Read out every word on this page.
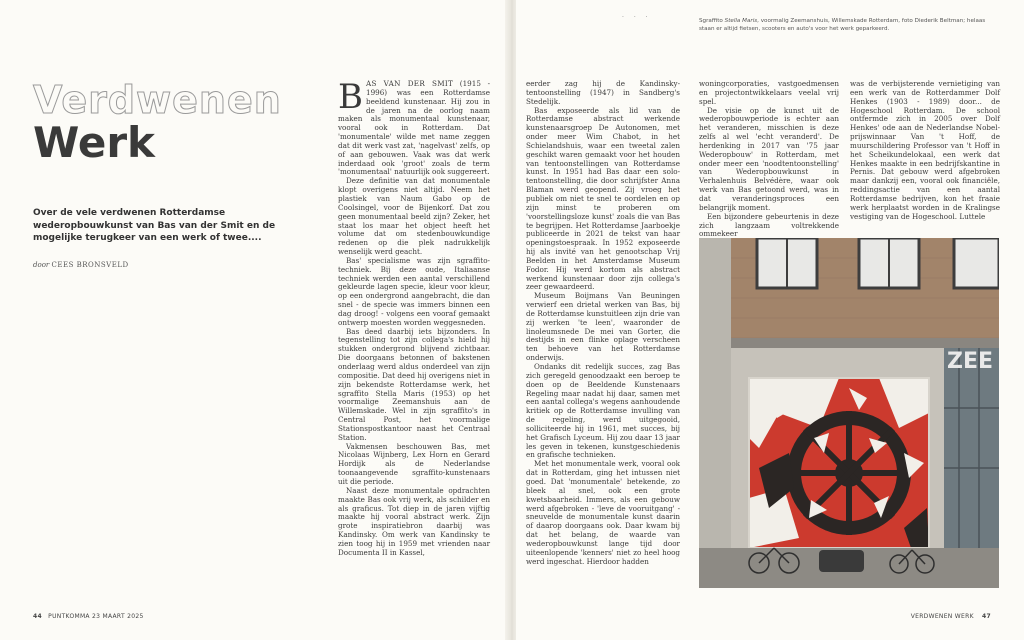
Verdwenen
Werk
Over de vele verdwenen Rotterdamse wederopbouwkunst van Bas van der Smit en de mogelijke terugkeer van een werk of twee....
door CEES BRONSVELD

BAS VAN DER SMIT (1915 - 1996) was een Rotterdamse beeldend kunstenaar. Hij zou in de jaren na de oorlog naam maken als monumentaal kunstenaar, vooral ook in Rotterdam. Dat 'monumentale' wilde met name zeggen dat dit werk vast zat, 'nagelvast' zelfs, op of aan gebouwen. Vaak was dat werk inderdaad ook 'groot' zoals de term 'monumentaal' natuurlijk ook suggereert.

Deze definitie van dat monumentale klopt overigens niet altijd. Neem het plastiek van Naum Gabo op de Coolsingel, voor de Bijenkorf. Dat zou geen monumentaal beeld zijn? Zeker, het staat los maar het object heeft het volume dat om stedenbouwkundige redenen op die plek nadrukkelijk wenselijk werd geacht.

Bas' specialisme was zijn sgraffito-techniek. Bij deze oude, Italiaanse techniek werden een aantal verschillend gekleurde lagen specie, kleur voor kleur, op een ondergrond aangebracht, die dan snel - de specie was immers binnen een dag droog! - volgens een vooraf gemaakt ontwerp moesten worden weggesneden.

Bas deed daarbij iets bijzonders. In tegenstelling tot zijn collega's hield hij stukken ondergrond blijvend zichtbaar. Die doorgaans betonnen of bakstenen onderlaag werd aldus onderdeel van zijn compositie. Dat deed hij overigens niet in zijn bekendste Rotterdamse werk, het sgraffito Stella Maris (1953) op het voormalige Zeemanshuis aan de Willemskade. Wel in zijn sgraffito's in Central Post, het voormalige Stationspostkantoor naast het Centraal Station.

Vakmensen beschouwen Bas, met Nicolaas Wijnberg, Lex Horn en Gerard Hordijk als de Nederlandse toonaangevende sgraffito-kunstenaars uit die periode.

Naast deze monumentale opdrachten maakte Bas ook vrij werk, als schilder en als graficus. Tot diep in de jaren vijftig maakte hij vooral abstract werk. Zijn grote inspiratiebron daarbij was Kandinsky. Om werk van Kandinsky te zien toog hij in 1959 met vrienden naar Documenta II in Kassel,

44 PUNTKOMMA 23 MAART 2025
· · ·	Sgraffito Stella Maris, voormalig Zeemanshuis, Willemskade Rotterdam, foto Diederik Beltman; helaas staan er altijd fietsen, scooters en auto's voor het werk geparkeerd.

eerder zag hij de Kandinsky-tentoonstelling (1947) in Sandberg's Stedelijk.

Bas exposeerde als lid van de Rotterdamse abstract werkende kunstenaarsgroep De Autonomen, met onder meer Wim Chabot, in het Schielandshuis, waar een tweetal zalen geschikt waren gemaakt voor het houden van tentoonstellingen van Rotterdamse kunst. In 1951 had Bas daar een solo-tentoonstelling, die door schrijfster Anna Blaman werd geopend. Zij vroeg het publiek om niet te snel te oordelen en op zijn minst te proberen om 'voorstellingsloze kunst' zoals die van Bas te begrijpen. Het Rotterdamse Jaarboekje publiceerde in 2021 de tekst van haar openingstoespraak. In 1952 exposeerde hij als invité van het genootschap Vrij Beelden in het Amsterdamse Museum Fodor. Hij werd kortom als abstract werkend kunstenaar door zijn collega's zeer gewaardeerd.

Museum Boijmans Van Beuningen verwierf een drietal werken van Bas, bij de Rotterdamse kunstuitleen zijn drie van zij werken 'te leen', waaronder de linoleumsnede De mei van Gorter, die destijds in een flinke oplage verscheen ten behoeve van het Rotterdamse onderwijs.

Ondanks dit redelijk succes, zag Bas zich geregeld genoodzaakt een beroep te doen op de Beeldende Kunstenaars Regeling maar nadat hij daar, samen met een aantal collega's wegens aanhoudende kritiek op de Rotterdamse invulling van de regeling, werd uitgegooid, solliciteerde hij in 1961, met succes, bij het Grafisch Lyceum. Hij zou daar 13 jaar les geven in tekenen, kunstgeschiedenis en grafische technieken.

Met het monumentale werk, vooral ook dat in Rotterdam, ging het intussen niet goed. Dat 'monumentale' betekende, zo bleek al snel, ook een grote kwetsbaarheid. Immers, als een gebouw werd afgebroken - 'leve de vooruitgang' - sneuvelde de monumentale kunst daarin of daarop doorgaans ook. Daar kwam bij dat het belang, de waarde van wederopbouwkunst lange tijd door uiteenlopende 'kenners' niet zo heel hoog werd ingeschat. Hierdoor hadden

woningcorporaties, vastgoedmensen en projectontwikkelaars veelal vrij spel.

De visie op de kunst uit de wederopbouwperiode is echter aan het veranderen, misschien is deze zelfs al wel 'echt veranderd'. De herdenking in 2017 van '75 jaar Wederopbouw' in Rotterdam, met onder meer een 'noodtentoonstelling' van Wederopbouwkunst in Verhalenhuis Belvédère, waar ook werk van Bas getoond werd, was in dat veranderingsproces een belangrijk moment.

Een bijzondere gebeurtenis in deze zich langzaam voltrekkende ommekeer

was de verbijsterende vernietiging van een werk van de Rotterdammer Dolf Henkes (1903 - 1989) door... de Hogeschool Rotterdam. De school ontfermde zich in 2005 over Dolf Henkes' ode aan de Nederlandse Nobel-prijswinnaar Van 't Hoff, de muurschildering Professor van 't Hoff in het Scheikundelokaal, een werk dat Henkes maakte in een bedrijfskantine in Pernis. Dat gebouw werd afgebroken maar dankzij een, vooral ook financiële, reddingsactie van een aantal Rotterdamse bedrijven, kon het fraaie werk herplaatst worden in de Kralingse vestiging van de Hogeschool. Luttele

ZEE
VERDWENEN WERK 47
